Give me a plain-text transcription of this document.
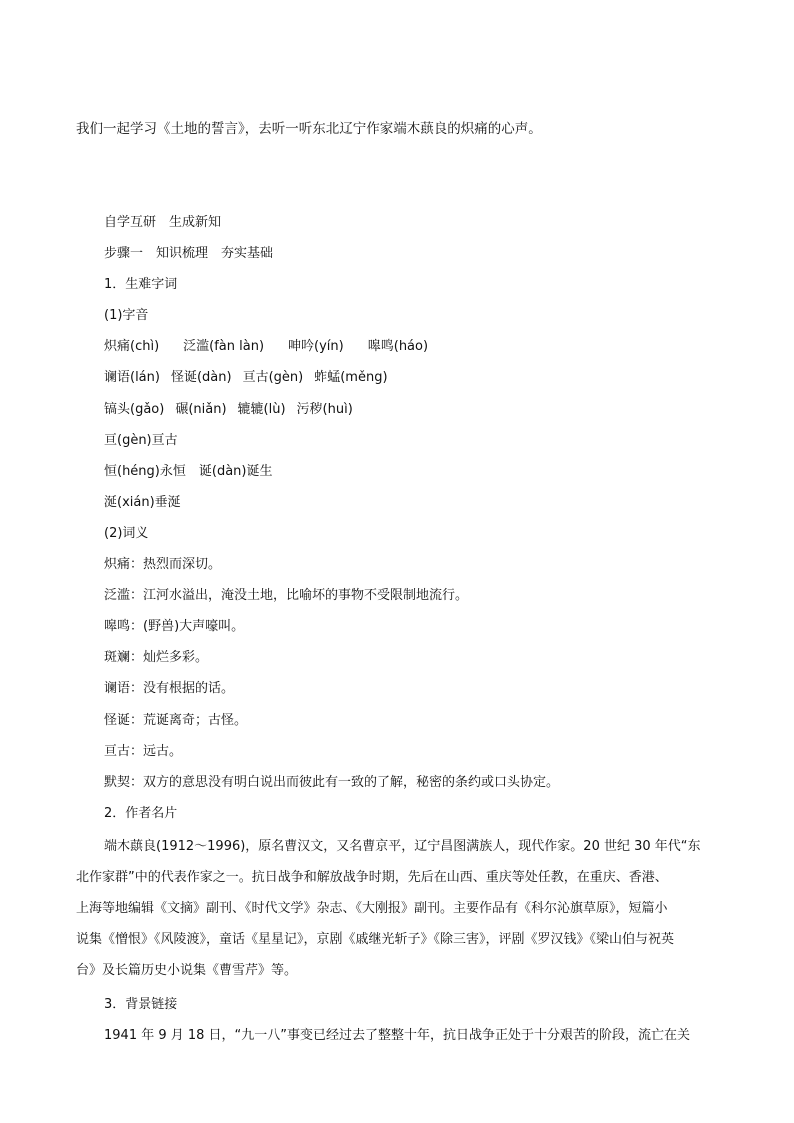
我们一起学习《土地的誓言》，去听一听东北辽宁作家端木蕻良的炽痛的心声。

自学互研　生成新知

步骤一　知识梳理　夯实基础

1．生难字词

(1)字音

炽痛(chì) 泛滥(fàn làn) 呻吟(yín) 嗥鸣(háo)

谰语(lán) 怪诞(dàn) 亘古(gèn) 蚱蜢(měng)

镐头(gǎo) 碾(niǎn) 辘辘(lù) 污秽(huì)

亘(gèn)亘古

恒(héng)永恒　诞(dàn)诞生

涎(xián)垂涎

(2)词义

炽痛：热烈而深切。

泛滥：江河水溢出，淹没土地，比喻坏的事物不受限制地流行。

嗥鸣：(野兽)大声嚎叫。

斑斓：灿烂多彩。

谰语：没有根据的话。

怪诞：荒诞离奇；古怪。

亘古：远古。

默契：双方的意思没有明白说出而彼此有一致的了解，秘密的条约或口头协定。

2．作者名片

端木蕻良(1912～1996)，原名曹汉文，又名曹京平，辽宁昌图满族人，现代作家。20 世纪 30 年代“东
北作家群”中的代表作家之一。抗日战争和解放战争时期，先后在山西、重庆等处任教，在重庆、香港、
上海等地编辑《文摘》副刊、《时代文学》杂志、《大刚报》副刊。主要作品有《科尔沁旗草原》，短篇小
说集《憎恨》《风陵渡》，童话《星星记》，京剧《戚继光斩子》《除三害》，评剧《罗汉钱》《梁山伯与祝英
台》及长篇历史小说集《曹雪芹》等。

3．背景链接

1941 年 9 月 18 日，“九一八”事变已经过去了整整十年，抗日战争正处于十分艰苦的阶段，流亡在关
